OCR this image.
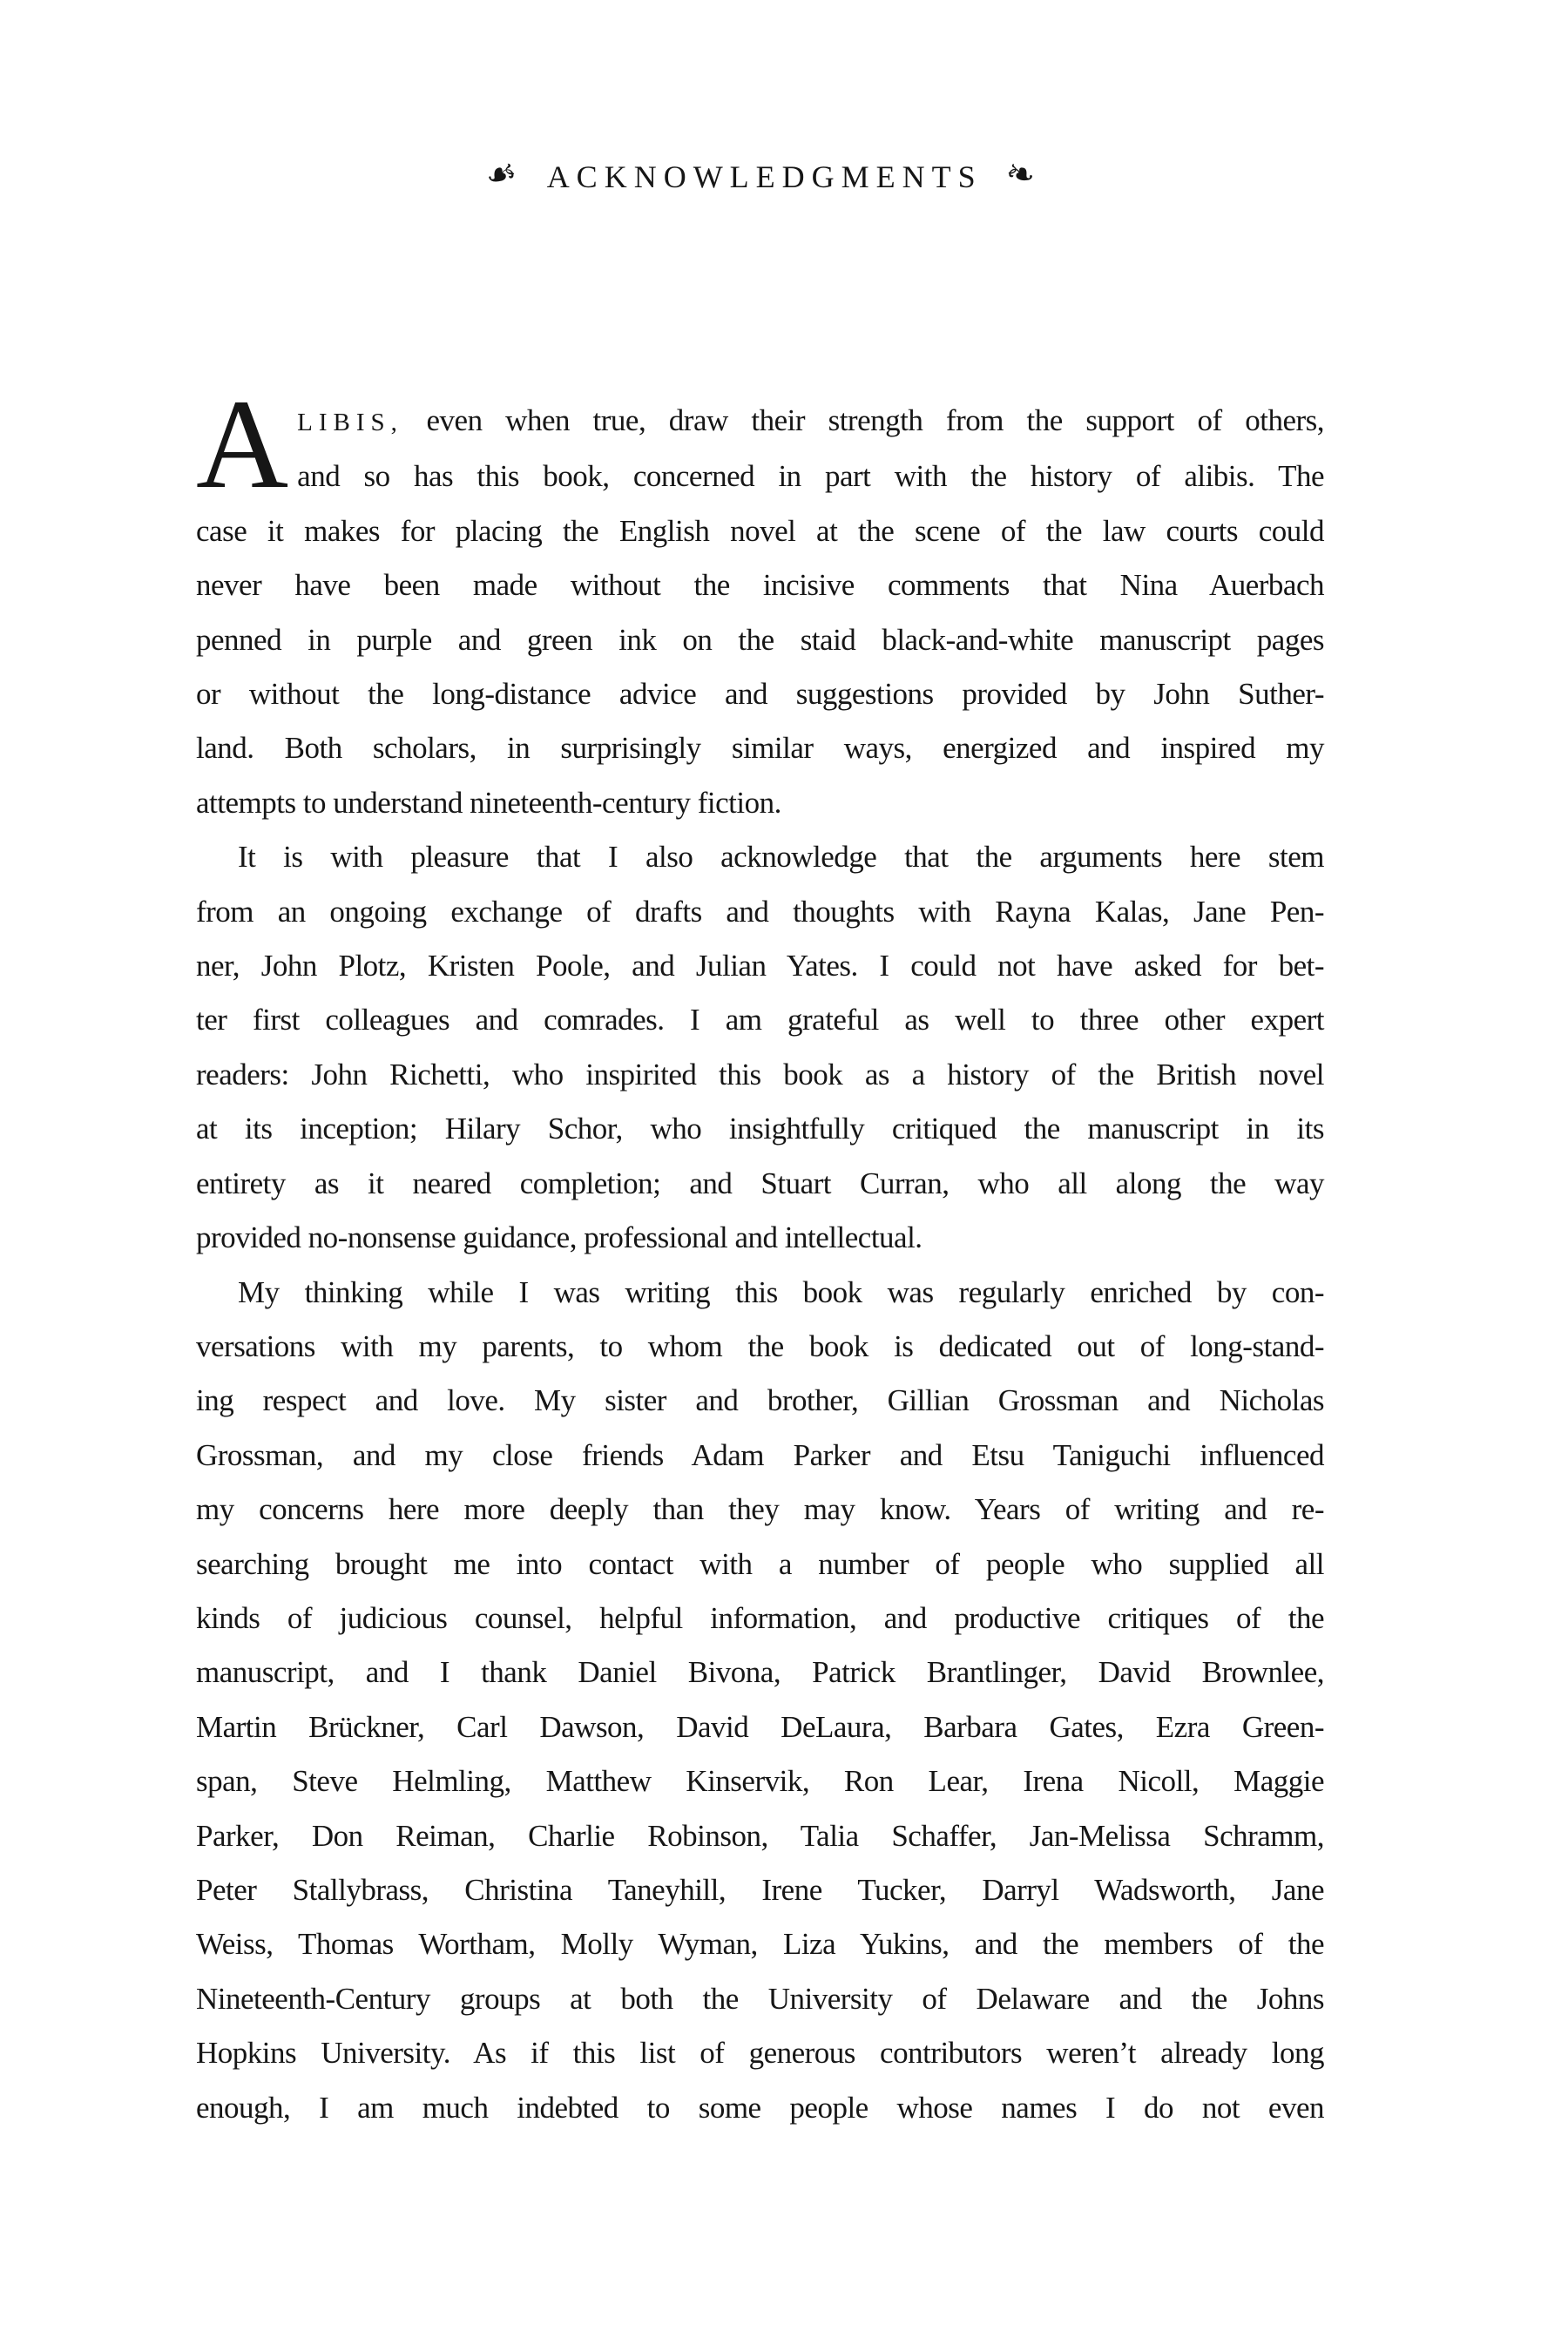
☙ ACKNOWLEDGMENTS ❧
A LIBIS, even when true, draw their strength from the support of others,
and so has this book, concerned in part with the history of alibis. The
case it makes for placing the English novel at the scene of the law courts could
never have been made without the incisive comments that Nina Auerbach
penned in purple and green ink on the staid black-and-white manuscript pages
or without the long-distance advice and suggestions provided by John Suther-
land. Both scholars, in surprisingly similar ways, energized and inspired my
attempts to understand nineteenth-century fiction.
It is with pleasure that I also acknowledge that the arguments here stem
from an ongoing exchange of drafts and thoughts with Rayna Kalas, Jane Pen-
ner, John Plotz, Kristen Poole, and Julian Yates. I could not have asked for bet-
ter first colleagues and comrades. I am grateful as well to three other expert
readers: John Richetti, who inspirited this book as a history of the British novel
at its inception; Hilary Schor, who insightfully critiqued the manuscript in its
entirety as it neared completion; and Stuart Curran, who all along the way
provided no-nonsense guidance, professional and intellectual.
My thinking while I was writing this book was regularly enriched by con-
versations with my parents, to whom the book is dedicated out of long-stand-
ing respect and love. My sister and brother, Gillian Grossman and Nicholas
Grossman, and my close friends Adam Parker and Etsu Taniguchi influenced
my concerns here more deeply than they may know. Years of writing and re-
searching brought me into contact with a number of people who supplied all
kinds of judicious counsel, helpful information, and productive critiques of the
manuscript, and I thank Daniel Bivona, Patrick Brantlinger, David Brownlee,
Martin Brückner, Carl Dawson, David DeLaura, Barbara Gates, Ezra Green-
span, Steve Helmling, Matthew Kinservik, Ron Lear, Irena Nicoll, Maggie
Parker, Don Reiman, Charlie Robinson, Talia Schaffer, Jan-Melissa Schramm,
Peter Stallybrass, Christina Taneyhill, Irene Tucker, Darryl Wadsworth, Jane
Weiss, Thomas Wortham, Molly Wyman, Liza Yukins, and the members of the
Nineteenth-Century groups at both the University of Delaware and the Johns
Hopkins University. As if this list of generous contributors weren’t already long
enough, I am much indebted to some people whose names I do not even
